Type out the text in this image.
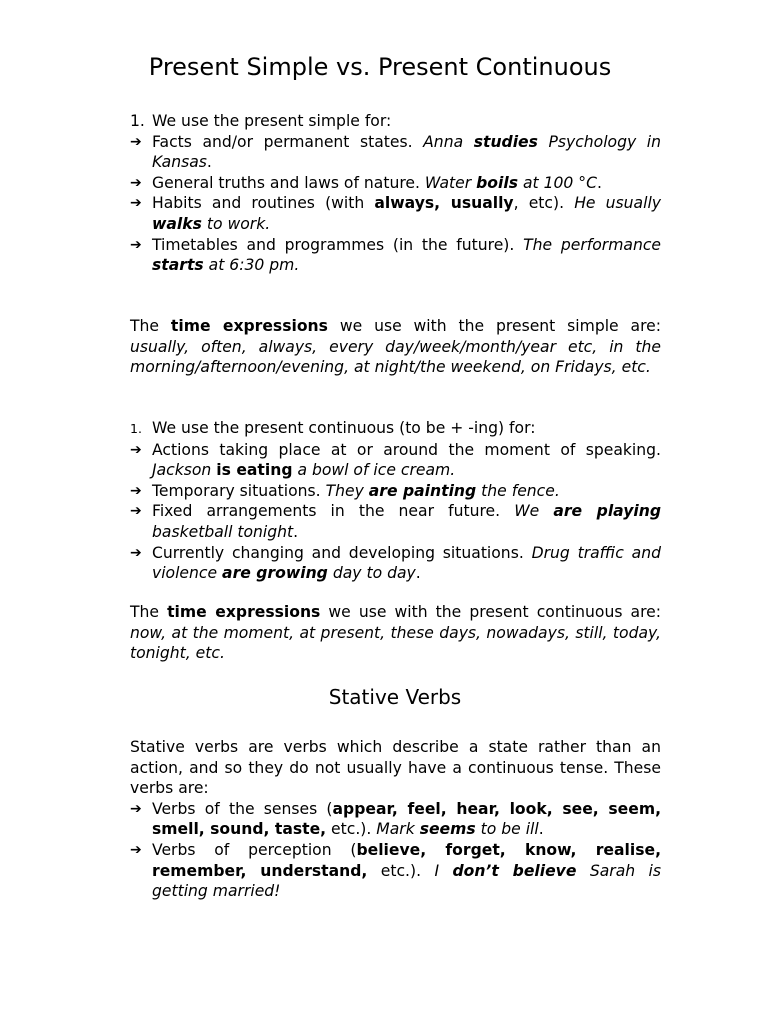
Present Simple vs. Present Continuous

1. We use the present simple for:

➔ Facts and/or permanent states. Anna studies Psychology in Kansas.
➔ General truths and laws of nature. Water boils at 100 °C.
➔ Habits and routines (with always, usually, etc). He usually walks to work.
➔ Timetables and programmes (in the future). The performance starts at 6:30 pm.

The time expressions we use with the present simple are: usually, often, always, every day/week/month/year etc, in the morning/afternoon/evening, at night/the weekend, on Fridays, etc.

1. We use the present continuous (to be + -ing) for:

➔ Actions taking place at or around the moment of speaking. Jackson is eating a bowl of ice cream.
➔ Temporary situations. They are painting the fence.
➔ Fixed arrangements in the near future. We are playing basketball tonight.
➔ Currently changing and developing situations. Drug traffic and violence are growing day to day.

The time expressions we use with the present continuous are: now, at the moment, at present, these days, nowadays, still, today, tonight, etc.

Stative Verbs

Stative verbs are verbs which describe a state rather than an action, and so they do not usually have a continuous tense. These verbs are:

➔ Verbs of the senses (appear, feel, hear, look, see, seem, smell, sound, taste, etc.). Mark seems to be ill.
➔ Verbs of perception (believe, forget, know, realise, remember, understand, etc.). I don’t believe Sarah is getting married!
